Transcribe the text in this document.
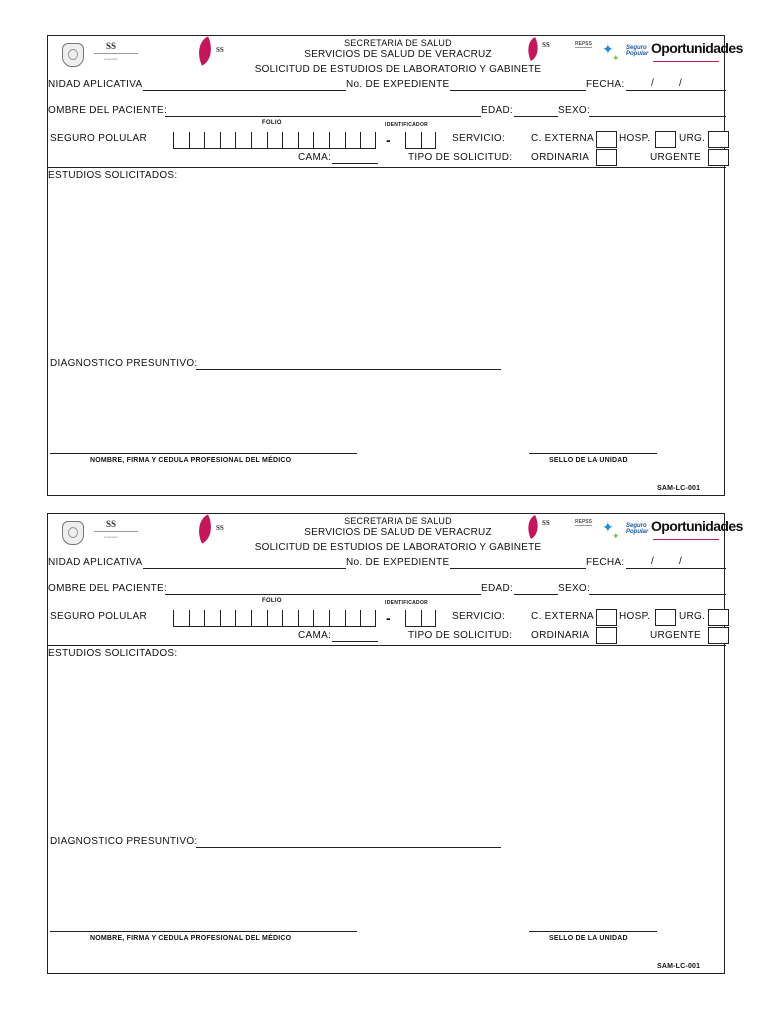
SS
▪▪▪▪▪▪▪▪▪▪▪
SS
SECRETARIA DE SALUD
SERVICIOS DE SALUD DE VERACRUZ
SOLICITUD DE ESTUDIOS DE LABORATORIO Y GABINETE
SS	REPSS ✦
✦
Seguro Popular Oportunidades
NIDAD APLICATIVA	No. DE EXPEDIENTE	FECHA:	/ /
OMBRE DEL PACIENTE:	EDAD:	SEXO:
FOLIO	IDENTIFICADOR
SEGURO POLULAR	-	SERVICIO:	C. EXTERNA HOSP.	URG.
CAMA:	TIPO DE SOLICITUD: ORDINARIA	URGENTE
ESTUDIOS SOLICITADOS:
DIAGNOSTICO PRESUNTIVO:
NOMBRE, FIRMA Y CEDULA PROFESIONAL DEL MÉDICO	SELLO DE LA UNIDAD
SAM-LC-001
SS
▪▪▪▪▪▪▪▪▪▪▪
SS
SECRETARIA DE SALUD
SERVICIOS DE SALUD DE VERACRUZ
SOLICITUD DE ESTUDIOS DE LABORATORIO Y GABINETE
SS	REPSS ✦
✦
Seguro Popular Oportunidades
NIDAD APLICATIVA	No. DE EXPEDIENTE	FECHA:	/ /
OMBRE DEL PACIENTE:	EDAD:	SEXO:
FOLIO	IDENTIFICADOR
SEGURO POLULAR	-	SERVICIO:	C. EXTERNA HOSP.	URG.
CAMA:	TIPO DE SOLICITUD: ORDINARIA	URGENTE
ESTUDIOS SOLICITADOS:
DIAGNOSTICO PRESUNTIVO:
NOMBRE, FIRMA Y CEDULA PROFESIONAL DEL MÉDICO	SELLO DE LA UNIDAD
SAM-LC-001
